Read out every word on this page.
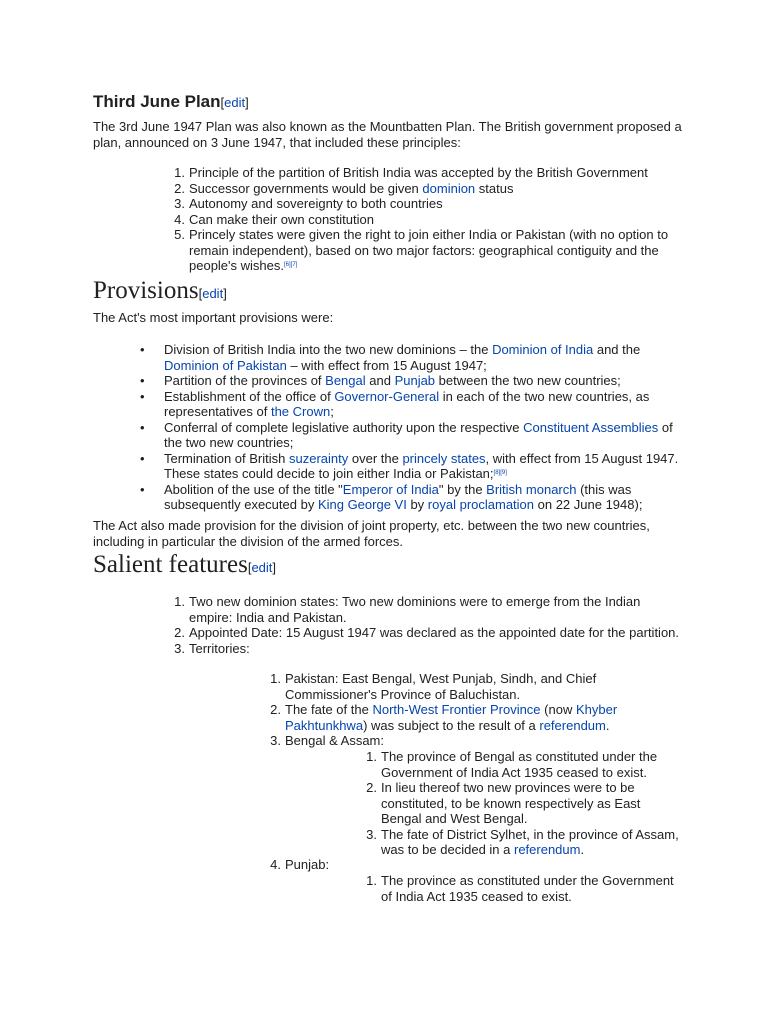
Third June Plan[edit]

The 3rd June 1947 Plan was also known as the Mountbatten Plan. The British government proposed a plan, announced on 3 June 1947, that included these principles:

1. Principle of the partition of British India was accepted by the British Government
2. Successor governments would be given dominion status
3. Autonomy and sovereignty to both countries
4. Can make their own constitution
5. Princely states were given the right to join either India or Pakistan (with no option to remain independent), based on two major factors: geographical contiguity and the people's wishes.[6][7]
Provisions[edit]

The Act's most important provisions were:

• Division of British India into the two new dominions – the Dominion of India and the Dominion of Pakistan – with effect from 15 August 1947;
• Partition of the provinces of Bengal and Punjab between the two new countries;
• Establishment of the office of Governor-General in each of the two new countries, as representatives of the Crown;
• Conferral of complete legislative authority upon the respective Constituent Assemblies of the two new countries;
• Termination of British suzerainty over the princely states, with effect from 15 August 1947. These states could decide to join either India or Pakistan;[8][9]
• Abolition of the use of the title "Emperor of India" by the British monarch (this was subsequently executed by King George VI by royal proclamation on 22 June 1948);

The Act also made provision for the division of joint property, etc. between the two new countries, including in particular the division of the armed forces.

Salient features[edit]
1. Two new dominion states: Two new dominions were to emerge from the Indian empire: India and Pakistan.
2. Appointed Date: 15 August 1947 was declared as the appointed date for the partition.
3. Territories:
1. Pakistan: East Bengal, West Punjab, Sindh, and Chief Commissioner's Province of Baluchistan.
2. The fate of the North-West Frontier Province (now Khyber Pakhtunkhwa) was subject to the result of a referendum.
3. Bengal & Assam:
1. The province of Bengal as constituted under the Government of India Act 1935 ceased to exist.
2. In lieu thereof two new provinces were to be constituted, to be known respectively as East Bengal and West Bengal.
3. The fate of District Sylhet, in the province of Assam, was to be decided in a referendum.
4. Punjab:
1. The province as constituted under the Government of India Act 1935 ceased to exist.
